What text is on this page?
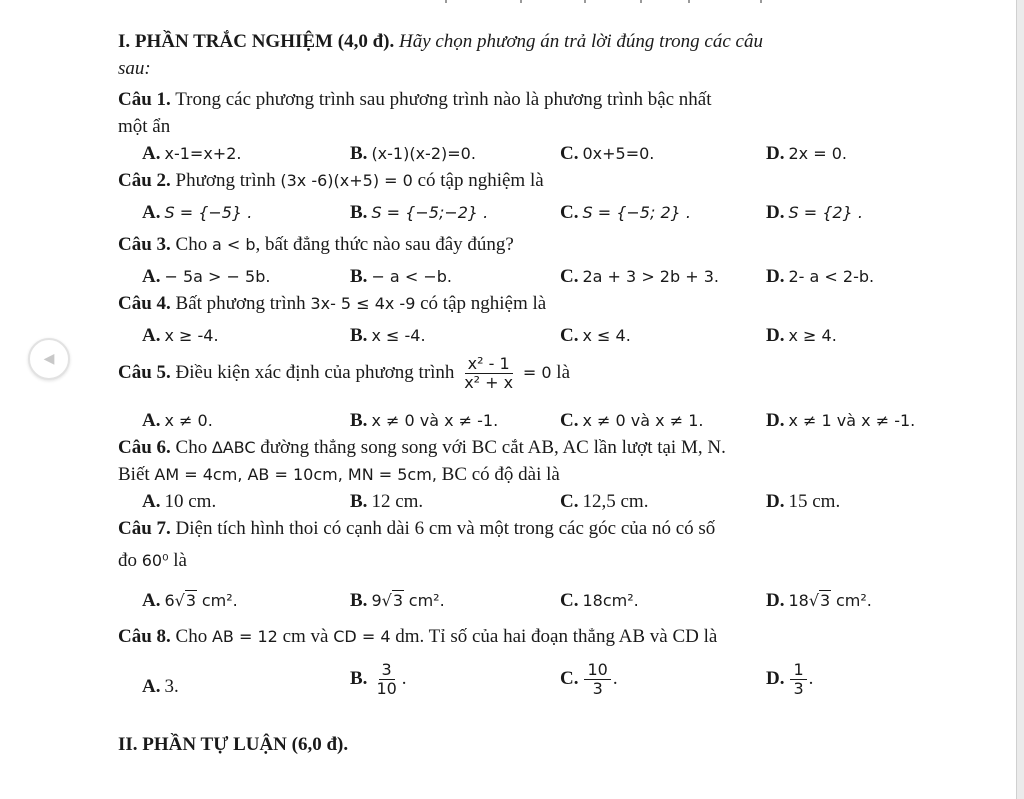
I. PHẦN TRẮC NGHIỆM (4,0 đ). Hãy chọn phương án trả lời đúng trong các câu
sau:
Câu 1. Trong các phương trình sau phương trình nào là phương trình bậc nhất
một ẩn
A. x-1=x+2.	B. (x-1)(x-2)=0.	C. 0x+5=0.	D. 2x = 0.
Câu 2. Phương trình (3x -6)(x+5) = 0 có tập nghiệm là
A. S = {−5} .	B. S = {−5;−2} .	C. S = {−5; 2} .	D. S = {2} .
Câu 3. Cho a < b, bất đẳng thức nào sau đây đúng?
A. − 5a > − 5b.	B. − a < −b.	C. 2a + 3 > 2b + 3. D. 2- a < 2-b.
Câu 4. Bất phương trình 3x- 5 ≤ 4x -9 có tập nghiệm là
A. x ≥ -4.	B. x ≤ -4.	C. x ≤ 4.	D. x ≥ 4.
Câu 5. Điều kiện xác định của phương trình $\frac{\text{x² - 1}}{\text{x² + x}} = 0$ là
A. x ≠ 0.	B. x ≠ 0 và x ≠ -1.	C. x ≠ 0 và x ≠ 1.	D. x ≠ 1 và x ≠ -1.
Câu 6. Cho ∆ABC đường thẳng song song với BC cắt AB, AC lần lượt tại M, N.
Biết AM = 4cm, AB = 10cm, MN = 5cm, BC có độ dài là
A. 10 cm.	B. 12 cm.	C. 12,5 cm.	D. 15 cm.
Câu 7. Diện tích hình thoi có cạnh dài 6 cm và một trong các góc của nó có số
đo 60⁰ là
A. 6√3 cm².	B. 9√3 cm².	C. 18cm².	D. 18√3 cm².
Câu 8. Cho AB = 12 cm và CD = 4 dm. Tỉ số của hai đoạn thẳng AB và CD là
A. 3.	B. $\frac{3}{10}$ .	C. $\frac{10}{3}$ .	D. $\frac{1}{3}$ .
II. PHẦN TỰ LUẬN (6,0 đ).
◀
